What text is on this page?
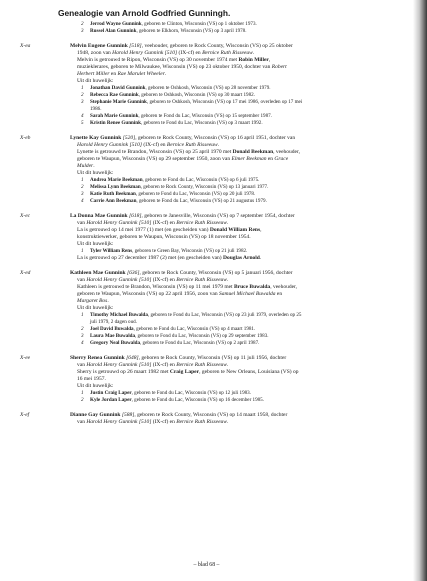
Genealogie van Arnold Godfried Gunningh.
2 Jerrod Wayne Gunnink, geboren te Clinton, Wisconsin (VS) op 1 oktober 1973.
3 Russel Alan Gunnink, geboren te Elkhorn, Wisconsin (VS) op 3 april 1978.
X-ea	Melvin Eugene Gunnink [518], veehouder, geboren te Rock County, Wisconsin (VS) op 25 oktober
1948, zoon van Harold Henry Gunnink [510] (IX-cf) en Bernice Ruth Risseeuw.
Melvin is getrouwd te Ripon, Wisconsin (VS) op 30 november 1974 met Robin Miller,
muzieklerares, geboren te Milwaukee, Wisconsin (VS) op 23 oktober 1950, dochter van Robert
Herbert Miller en Rae Marulet Wheeler.
Uit dit huwelijk:
1 Jonathan David Gunnink, geboren te Oshkosh, Wisconsin (VS) op 28 november 1979.
2 Rebecca Rae Gunnink, geboren te Oshkosh, Wisconsin (VS) op 30 maart 1982.
3 Stephanie Marie Gunnink, geboren te Oshkosh, Wisconsin (VS) op 17 mei 1986, overleden op 17 mei
1986.
4 Sarah Marie Gunnink, geboren te Fond du Lac, Wisconsin (VS) op 15 september 1987.
5 Kristin Renee Gunnink, geboren te Fond du Lac, Wisconsin (VS) op 3 maart 1992.
X-eb	Lynette Kay Gunnink [520], geboren te Rock County, Wisconsin (VS) op 16 april 1951, dochter van
Harold Henry Gunnink [510] (IX-cf) en Bernice Ruth Risseeuw.
Lynette is getrouwd te Brandon, Wisconsin (VS) op 25 april 1970 met Donald Beekman, veehouder,
geboren te Waupun, Wisconsin (VS) op 29 september 1950, zoon van Elmer Beekman en Grace
Mulder.
Uit dit huwelijk:
1 Andrea Marie Beekman, geboren te Fond du Lac, Wisconsin (VS) op 6 juli 1975.
2 Melissa Lynn Beekman, geboren te Rock County, Wisconsin (VS) op 13 januari 1977.
3 Katie Ruth Beekman, geboren te Fond du Lac, Wisconsin (VS) op 20 juli 1978.
4 Carrie Ann Beekman, geboren te Fond du Lac, Wisconsin (VS) op 21 augustus 1979.
X-ec	La Donna Mae Gunnink [618], geboren te Janesville, Wisconsin (VS) op 7 september 1954, dochter
van Harold Henry Gunnink [510] (IX-cf) en Bernice Ruth Risseeuw.
La is getrouwd op 14 mei 1977 (1) met (en gescheiden van) Donald William Rens,
konstruktiewerker, geboren te Waupun, Wisconsin (VS) op 18 november 1954.
Uit dit huwelijk:
1 Tyler William Rens, geboren te Green Bay, Wisconsin (VS) op 21 juli 1982.
La is getrouwd op 27 december 1987 (2) met (en gescheiden van) Douglas Arnold.
X-ed	Kathleen Mae Gunnink [636], geboren te Rock County, Wisconsin (VS) op 5 januari 1956, dochter
van Harold Henry Gunnink [510] (IX-cf) en Bernice Ruth Risseeuw.
Kathleen is getrouwd te Brandon, Wisconsin (VS) op 11 mei 1979 met Bruce Buwalda, veehouder,
geboren te Waupun, Wisconsin (VS) op 22 april 1956, zoon van Samuel Michael Buwalda en
Margaret Bos.
Uit dit huwelijk:
1 Timothy Michael Buwalda, geboren te Fond du Lac, Wisconsin (VS) op 23 juli 1979, overleden op 25
juli 1979, 2 dagen oud.
2 Joel David Buwalda, geboren te Fond du Lac, Wisconsin (VS) op 4 maart 1981.
3 Laura Mae Buwalda, geboren te Fond du Lac, Wisconsin (VS) op 29 september 1983.
4 Gregory Neal Buwalda, geboren te Fond du Lac, Wisconsin (VS) op 2 april 1987.
X-ee	Sherry Renea Gunnink [648], geboren te Rock County, Wisconsin (VS) op 11 juli 1956, dochter
van Harold Henry Gunnink [510] (IX-cf) en Bernice Ruth Risseeuw.
Sherry is getrouwd op 26 maart 1982 met Craig Laper, geboren te New Orleans, Louisiana (VS) op
16 mei 1957.
Uit dit huwelijk:
1 Justin Craig Laper, geboren te Fond du Lac, Wisconsin (VS) op 12 juli 1983.
2 Kyle Jordan Laper, geboren te Fond du Lac, Wisconsin (VS) op 16 december 1985.
X-ef	Dianne Gay Gunnink [588], geboren te Rock County, Wisconsin (VS) op 14 maart 1958, dochter
van Harold Henry Gunnink [510] (IX-cf) en Bernice Ruth Risseeuw.
– blad 68 –
